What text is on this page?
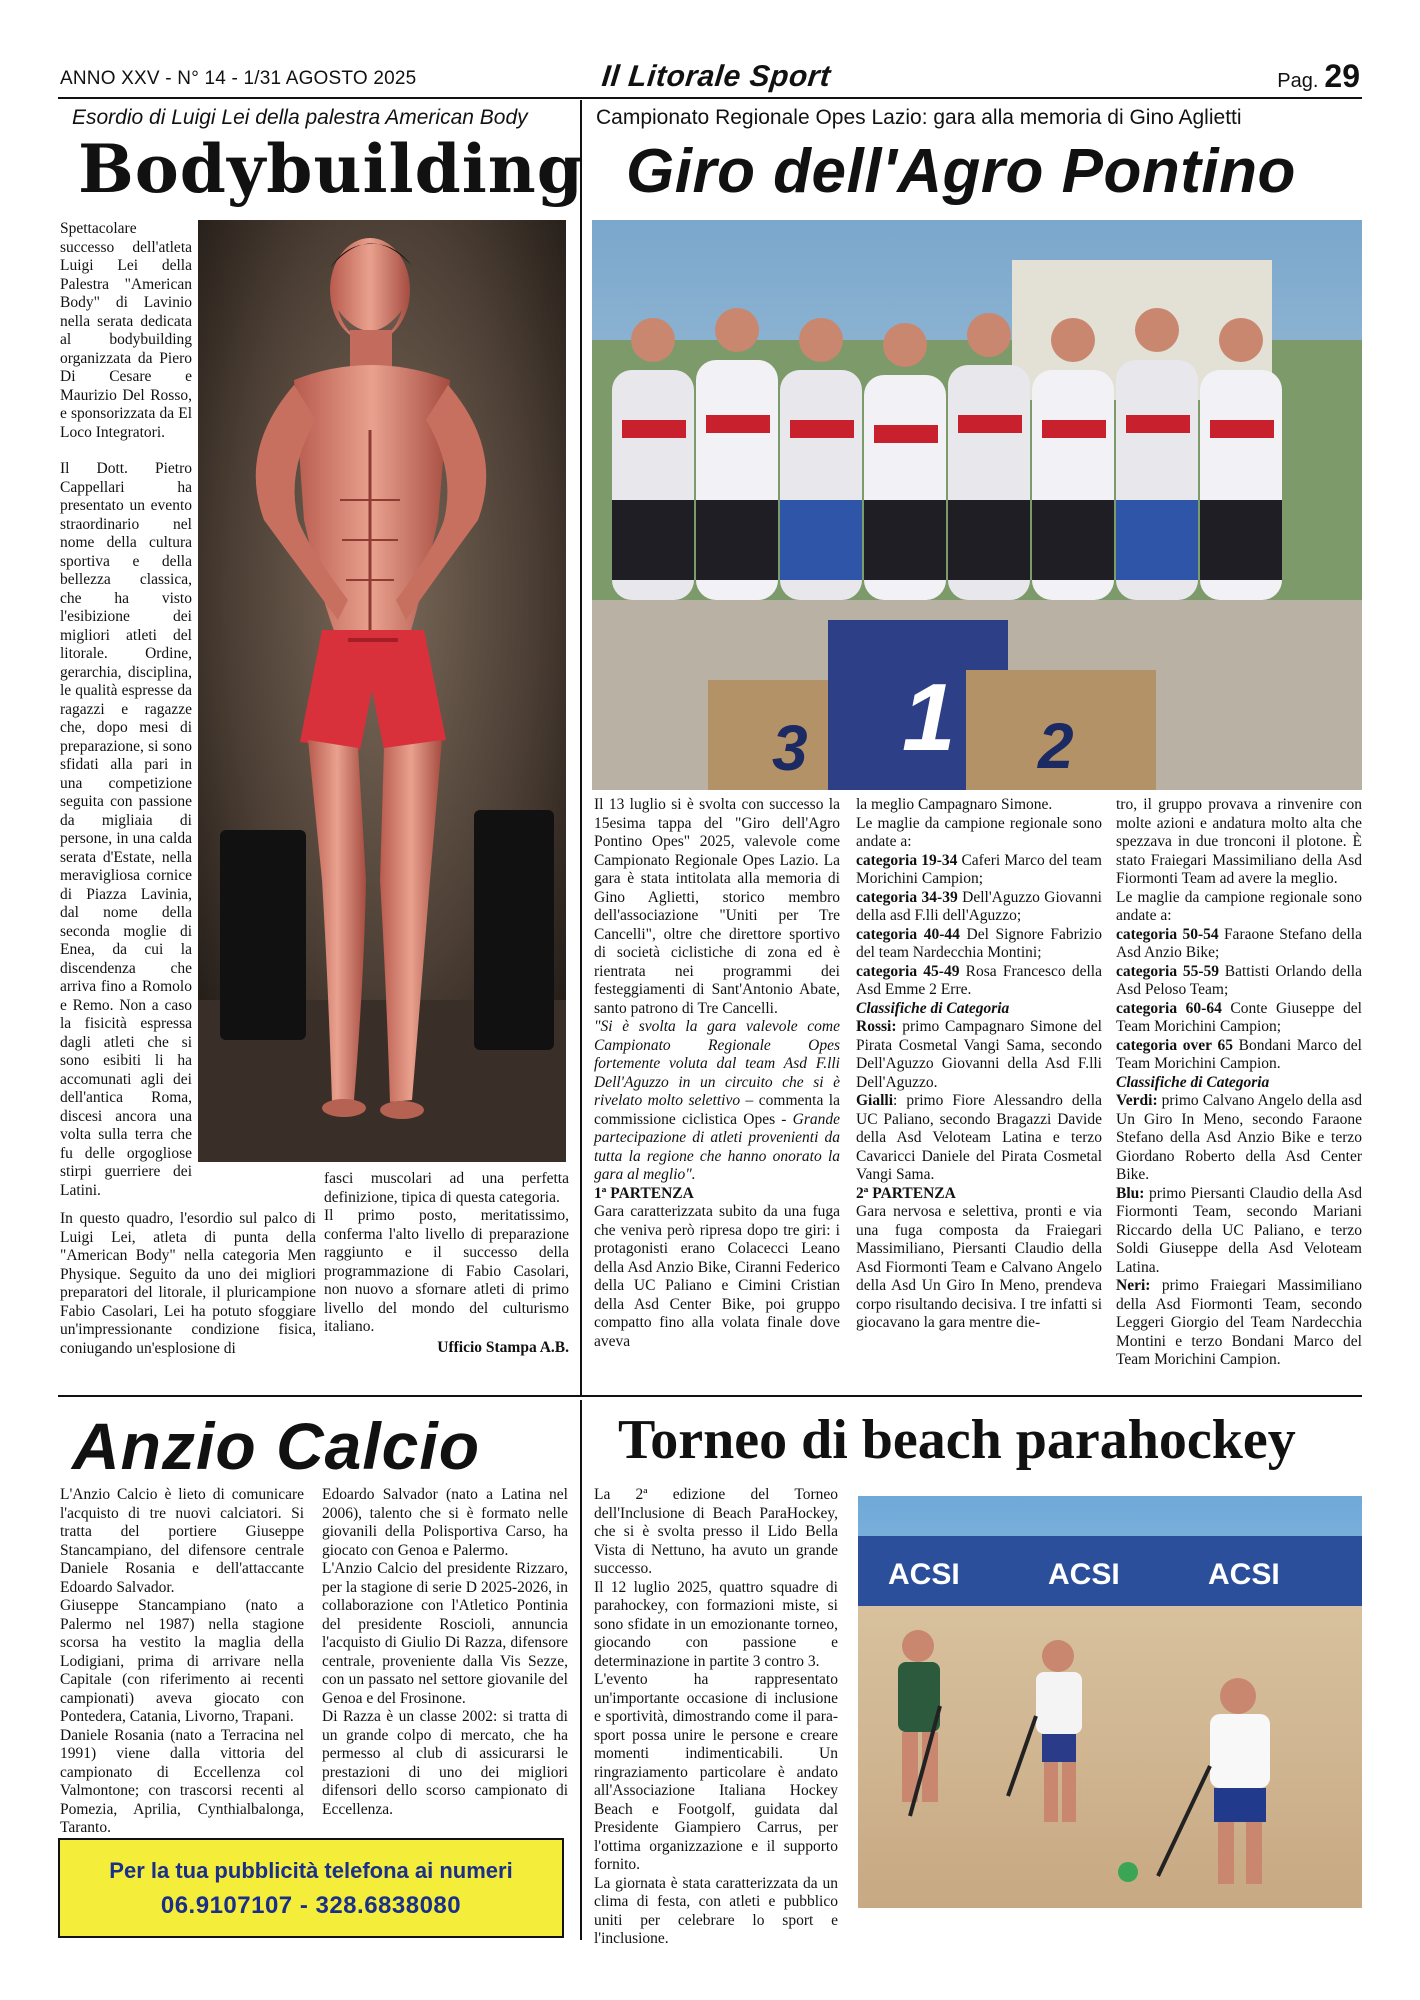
ANNO XXV - N° 14 - 1/31 AGOSTO 2025	Il Litorale Sport	Pag. 29
Esordio di Luigi Lei della palestra American Body
Bodybuilding

Spettacolare successo dell'atleta Luigi Lei della Palestra "American Body" di Lavinio nella serata dedicata al bodybuilding organizzata da Piero Di Cesare e Maurizio Del Rosso, e sponsorizzata da El Loco Integratori.

Il Dott. Pietro Cappellari ha presentato un evento straordinario nel nome della cultura sportiva e della bellezza classica, che ha visto l'esibizione dei migliori atleti del litorale. Ordine, gerarchia, disciplina, le qualità espresse da ragazzi e ragazze che, dopo mesi di preparazione, si sono sfidati alla pari in una competizione seguita con passione da migliaia di persone, in una calda serata d'Estate, nella meravigliosa cornice di Piazza Lavinia, dal nome della seconda moglie di Enea, da cui la discendenza che arriva fino a Romolo e Remo. Non a caso la fisicità espressa dagli atleti che si sono esibiti li ha accomunati agli dei dell'antica Roma, discesi ancora una volta sulla terra che fu delle orgogliose stirpi guerriere dei Latini.

In questo quadro, l'esordio sul palco di Luigi Lei, atleta di punta della "American Body" nella categoria Men Physique. Seguito da uno dei migliori preparatori del litorale, il pluricampione Fabio Casolari, Lei ha potuto sfoggiare un'impressionante condizione fisica, coniugando un'esplosione di

fasci muscolari ad una perfetta definizione, tipica di questa categoria.

Il primo posto, meritatissimo, conferma l'alto livello di preparazione raggiunto e il successo della programmazione di Fabio Casolari, non nuovo a sfornare atleti di primo livello del mondo del culturismo italiano.

Ufficio Stampa A.B.

Campionato Regionale Opes Lazio: gara alla memoria di Gino Aglietti
Giro dell'Agro Pontino
3 1 2

Il 13 luglio si è svolta con successo la 15esima tappa del "Giro dell'Agro Pontino Opes" 2025, valevole come Campionato Regionale Opes Lazio. La gara è stata intitolata alla memoria di Gino Aglietti, storico membro dell'associazione "Uniti per Tre Cancelli", oltre che direttore sportivo di società ciclistiche di zona ed è rientrata nei programmi dei festeggiamenti di Sant'Antonio Abate, santo patrono di Tre Cancelli.

"Si è svolta la gara valevole come Campionato Regionale Opes fortemente voluta dal team Asd F.lli Dell'Aguzzo in un circuito che si è rivelato molto selettivo – commenta la commissione ciclistica Opes - Grande partecipazione di atleti provenienti da tutta la regione che hanno onorato la gara al meglio".

1ª PARTENZA

Gara caratterizzata subito da una fuga che veniva però ripresa dopo tre giri: i protagonisti erano Colacecci Leano della Asd Anzio Bike, Ciranni Federico della UC Paliano e Cimini Cristian della Asd Center Bike, poi gruppo compatto fino alla volata finale dove aveva

la meglio Campagnaro Simone.

Le maglie da campione regionale sono andate a:

categoria 19-34 Caferi Marco del team Morichini Campion;

categoria 34-39 Dell'Aguzzo Giovanni della asd F.lli dell'Aguzzo;

categoria 40-44 Del Signore Fabrizio del team Nardecchia Montini;

categoria 45-49 Rosa Francesco della Asd Emme 2 Erre.

Classifiche di Categoria

Rossi: primo Campagnaro Simone del Pirata Cosmetal Vangi Sama, secondo Dell'Aguzzo Giovanni della Asd F.lli Dell'Aguzzo.

Gialli: primo Fiore Alessandro della UC Paliano, secondo Bragazzi Davide della Asd Veloteam Latina e terzo Cavaricci Daniele del Pirata Cosmetal Vangi Sama.

2ª PARTENZA

Gara nervosa e selettiva, pronti e via una fuga composta da Fraiegari Massimiliano, Piersanti Claudio della Asd Fiormonti Team e Calvano Angelo della Asd Un Giro In Meno, prendeva corpo risultando decisiva. I tre infatti si giocavano la gara mentre die-

tro, il gruppo provava a rinvenire con molte azioni e andatura molto alta che spezzava in due tronconi il plotone. È stato Fraiegari Massimiliano della Asd Fiormonti Team ad avere la meglio.

Le maglie da campione regionale sono andate a:

categoria 50-54 Faraone Stefano della Asd Anzio Bike;

categoria 55-59 Battisti Orlando della Asd Peloso Team;

categoria 60-64 Conte Giuseppe del Team Morichini Campion;

categoria over 65 Bondani Marco del Team Morichini Campion.

Classifiche di Categoria

Verdi: primo Calvano Angelo della asd Un Giro In Meno, secondo Faraone Stefano della Asd Anzio Bike e terzo Giordano Roberto della Asd Center Bike.

Blu: primo Piersanti Claudio della Asd Fiormonti Team, secondo Mariani Riccardo della UC Paliano, e terzo Soldi Giuseppe della Asd Veloteam Latina.

Neri: primo Fraiegari Massimiliano della Asd Fiormonti Team, secondo Leggeri Giorgio del Team Nardecchia Montini e terzo Bondani Marco del Team Morichini Campion.

Anzio Calcio

L'Anzio Calcio è lieto di comunicare l'acquisto di tre nuovi calciatori. Si tratta del portiere Giuseppe Stancampiano, del difensore centrale Daniele Rosania e dell'attaccante Edoardo Salvador.

Giuseppe Stancampiano (nato a Palermo nel 1987) nella stagione scorsa ha vestito la maglia della Lodigiani, prima di arrivare nella Capitale (con riferimento ai recenti campionati) aveva giocato con Pontedera, Catania, Livorno, Trapani.

Daniele Rosania (nato a Terracina nel 1991) viene dalla vittoria del campionato di Eccellenza col Valmontone; con trascorsi recenti al Pomezia, Aprilia, Cynthialbalonga, Taranto.

Edoardo Salvador (nato a Latina nel 2006), talento che si è formato nelle giovanili della Polisportiva Carso, ha giocato con Genoa e Palermo.

L'Anzio Calcio del presidente Rizzaro, per la stagione di serie D 2025-2026, in collaborazione con l'Atletico Pontinia del presidente Roscioli, annuncia l'acquisto di Giulio Di Razza, difensore centrale, proveniente dalla Vis Sezze, con un passato nel settore giovanile del Genoa e del Frosinone.

Di Razza è un classe 2002: si tratta di un grande colpo di mercato, che ha permesso al club di assicurarsi le prestazioni di uno dei migliori difensori dello scorso campionato di Eccellenza.

Per la tua pubblicità telefona ai numeri
06.9107107 - 328.6838080
Torneo di beach parahockey

La 2ª edizione del Torneo dell'Inclusione di Beach ParaHockey, che si è svolta presso il Lido Bella Vista di Nettuno, ha avuto un grande successo.

Il 12 luglio 2025, quattro squadre di parahockey, con formazioni miste, si sono sfidate in un emozionante torneo, giocando con passione e determinazione in partite 3 contro 3.

L'evento ha rappresentato un'importante occasione di inclusione e sportività, dimostrando come il para-sport possa unire le persone e creare momenti indimenticabili. Un ringraziamento particolare è andato all'Associazione Italiana Hockey Beach e Footgolf, guidata dal Presidente Giampiero Carrus, per l'ottima organizzazione e il supporto fornito.

La giornata è stata caratterizzata da un clima di festa, con atleti e pubblico uniti per celebrare lo sport e l'inclusione.

ACSI	ACSI	ACSI
